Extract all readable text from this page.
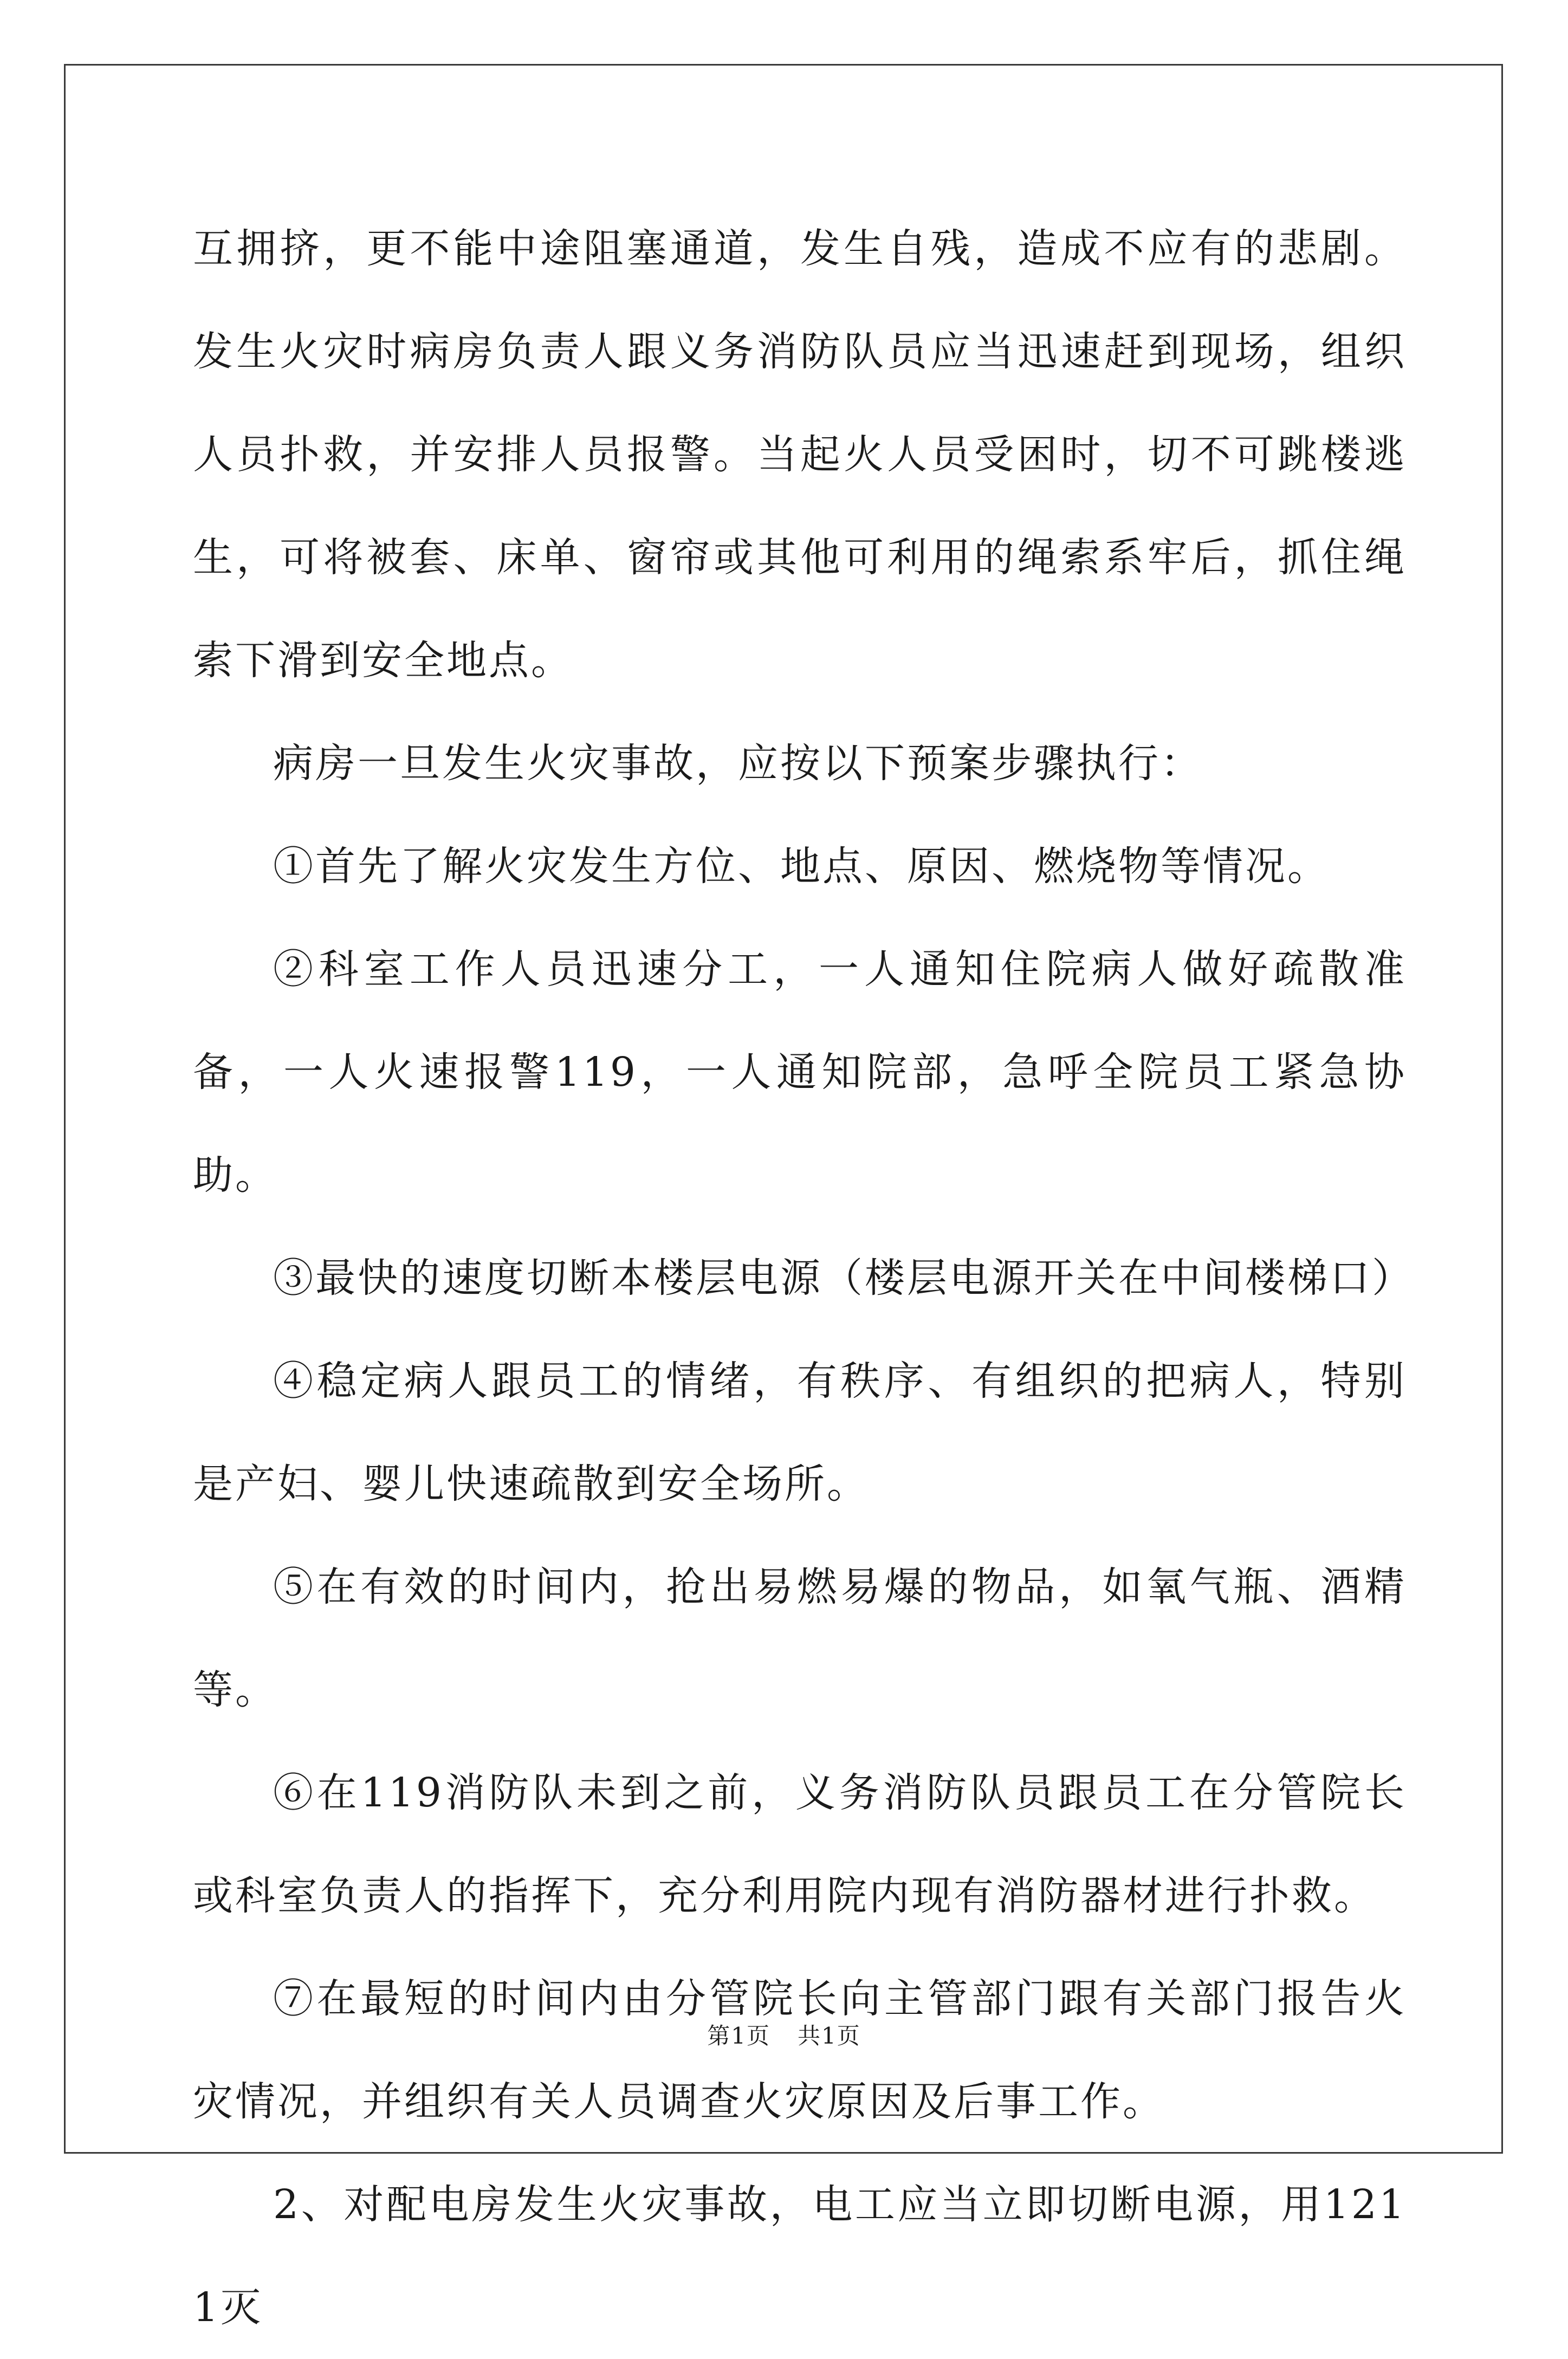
互拥挤，更不能中途阻塞通道，发生自残，造成不应有的悲剧。发生火灾时病房负责人跟义务消防队员应当迅速赶到现场，组织人员扑救，并安排人员报警。当起火人员受困时，切不可跳楼逃生，可将被套、床单、窗帘或其他可利用的绳索系牢后，抓住绳索下滑到安全地点。

病房一旦发生火灾事故，应按以下预案步骤执行：

①首先了解火灾发生方位、地点、原因、燃烧物等情况。

②科室工作人员迅速分工，一人通知住院病人做好疏散准备，一人火速报警119，一人通知院部，急呼全院员工紧急协助。

③最快的速度切断本楼层电源（楼层电源开关在中间楼梯口）

④稳定病人跟员工的情绪，有秩序、有组织的把病人，特别是产妇、婴儿快速疏散到安全场所。

⑤在有效的时间内，抢出易燃易爆的物品，如氧气瓶、酒精等。

⑥在119消防队未到之前，义务消防队员跟员工在分管院长或科室负责人的指挥下，充分利用院内现有消防器材进行扑救。

⑦在最短的时间内由分管院长向主管部门跟有关部门报告火灾情况，并组织有关人员调查火灾原因及后事工作。

2、对配电房发生火灾事故，电工应当立即切断电源，用1211灭

第1页 共1页
